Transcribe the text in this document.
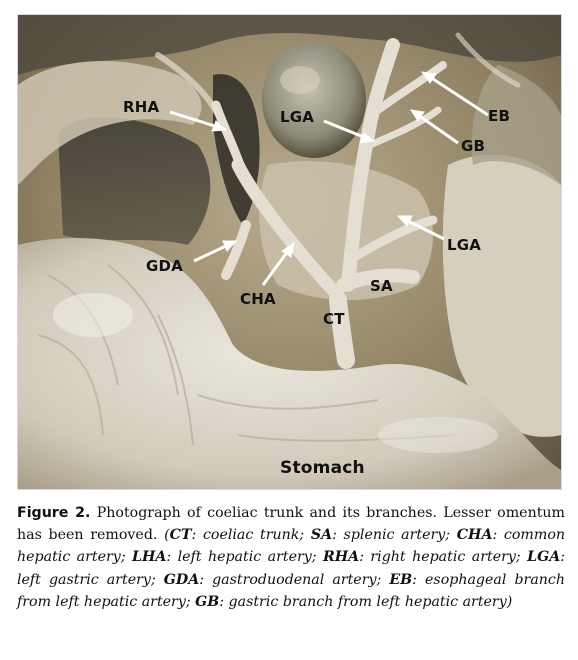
RHA
LGA	EB
GB
LGA
GDA
SA
CHA
CT
Stomach
Figure 2. Photograph of coeliac trunk and its branches. Lesser omentum has been removed. (CT: coeliac trunk; SA: splenic artery; CHA: common hepatic artery; LHA: left hepatic artery; RHA: right hepatic artery; LGA: left gastric artery; GDA: gastroduodenal artery; EB: esophageal branch from left hepatic artery; GB: gastric branch from left hepatic artery)
